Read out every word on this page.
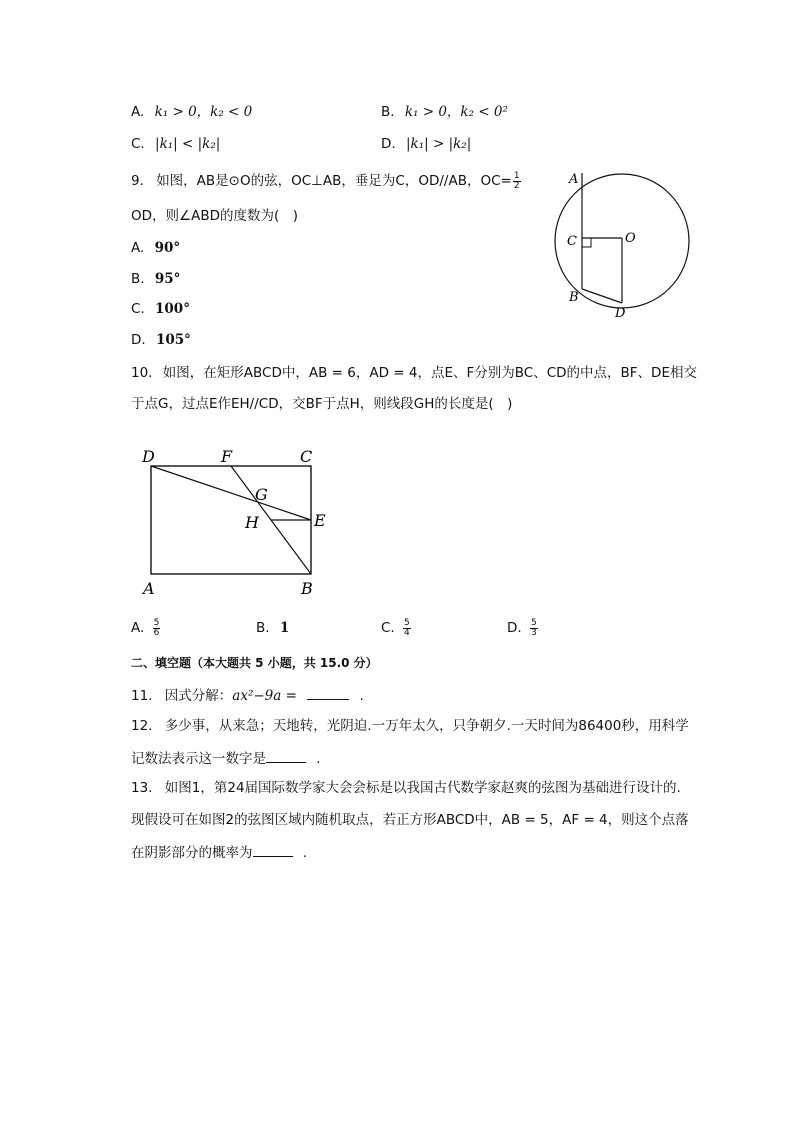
A. k₁ > 0，k₂ < 0	B. k₁ > 0，k₂ < 0²
C. |k₁| < |k₂|	D. |k₁| > |k₂|
9. 如图，AB是⊙O的弦，OC⊥AB，垂足为C，OD//AB，$OC= \frac{1}{2}$
OD，则∠ABD的度数为(　)
A. 90°
B. 95°
C. 100°
D. 105°
A
C	O
B
D
10. 如图，在矩形ABCD中，AB = 6，AD = 4，点E、F分别为BC、CD的中点，BF、DE相交
于点G，过点E作EH//CD，交BF于点H，则线段GH的长度是(　)
D	F	C
G
H	E
A	B
A. $\frac{5}{6}$	B. 1	C. $\frac{5}{4}$	D. $\frac{5}{3}$
二、填空题（本大题共 5 小题，共 15.0 分）
11. 因式分解：ax²−9a =	.
12. 多少事，从来急；天地转，光阴迫.一万年太久，只争朝夕.一天时间为86400秒，用科学
记数法表示这一数字是	.
13. 如图1，第24届国际数学家大会会标是以我国古代数学家赵爽的弦图为基础进行设计的.
现假设可在如图2的弦图区域内随机取点，若正方形ABCD中，AB = 5，AF = 4，则这个点落
在阴影部分的概率为	.
